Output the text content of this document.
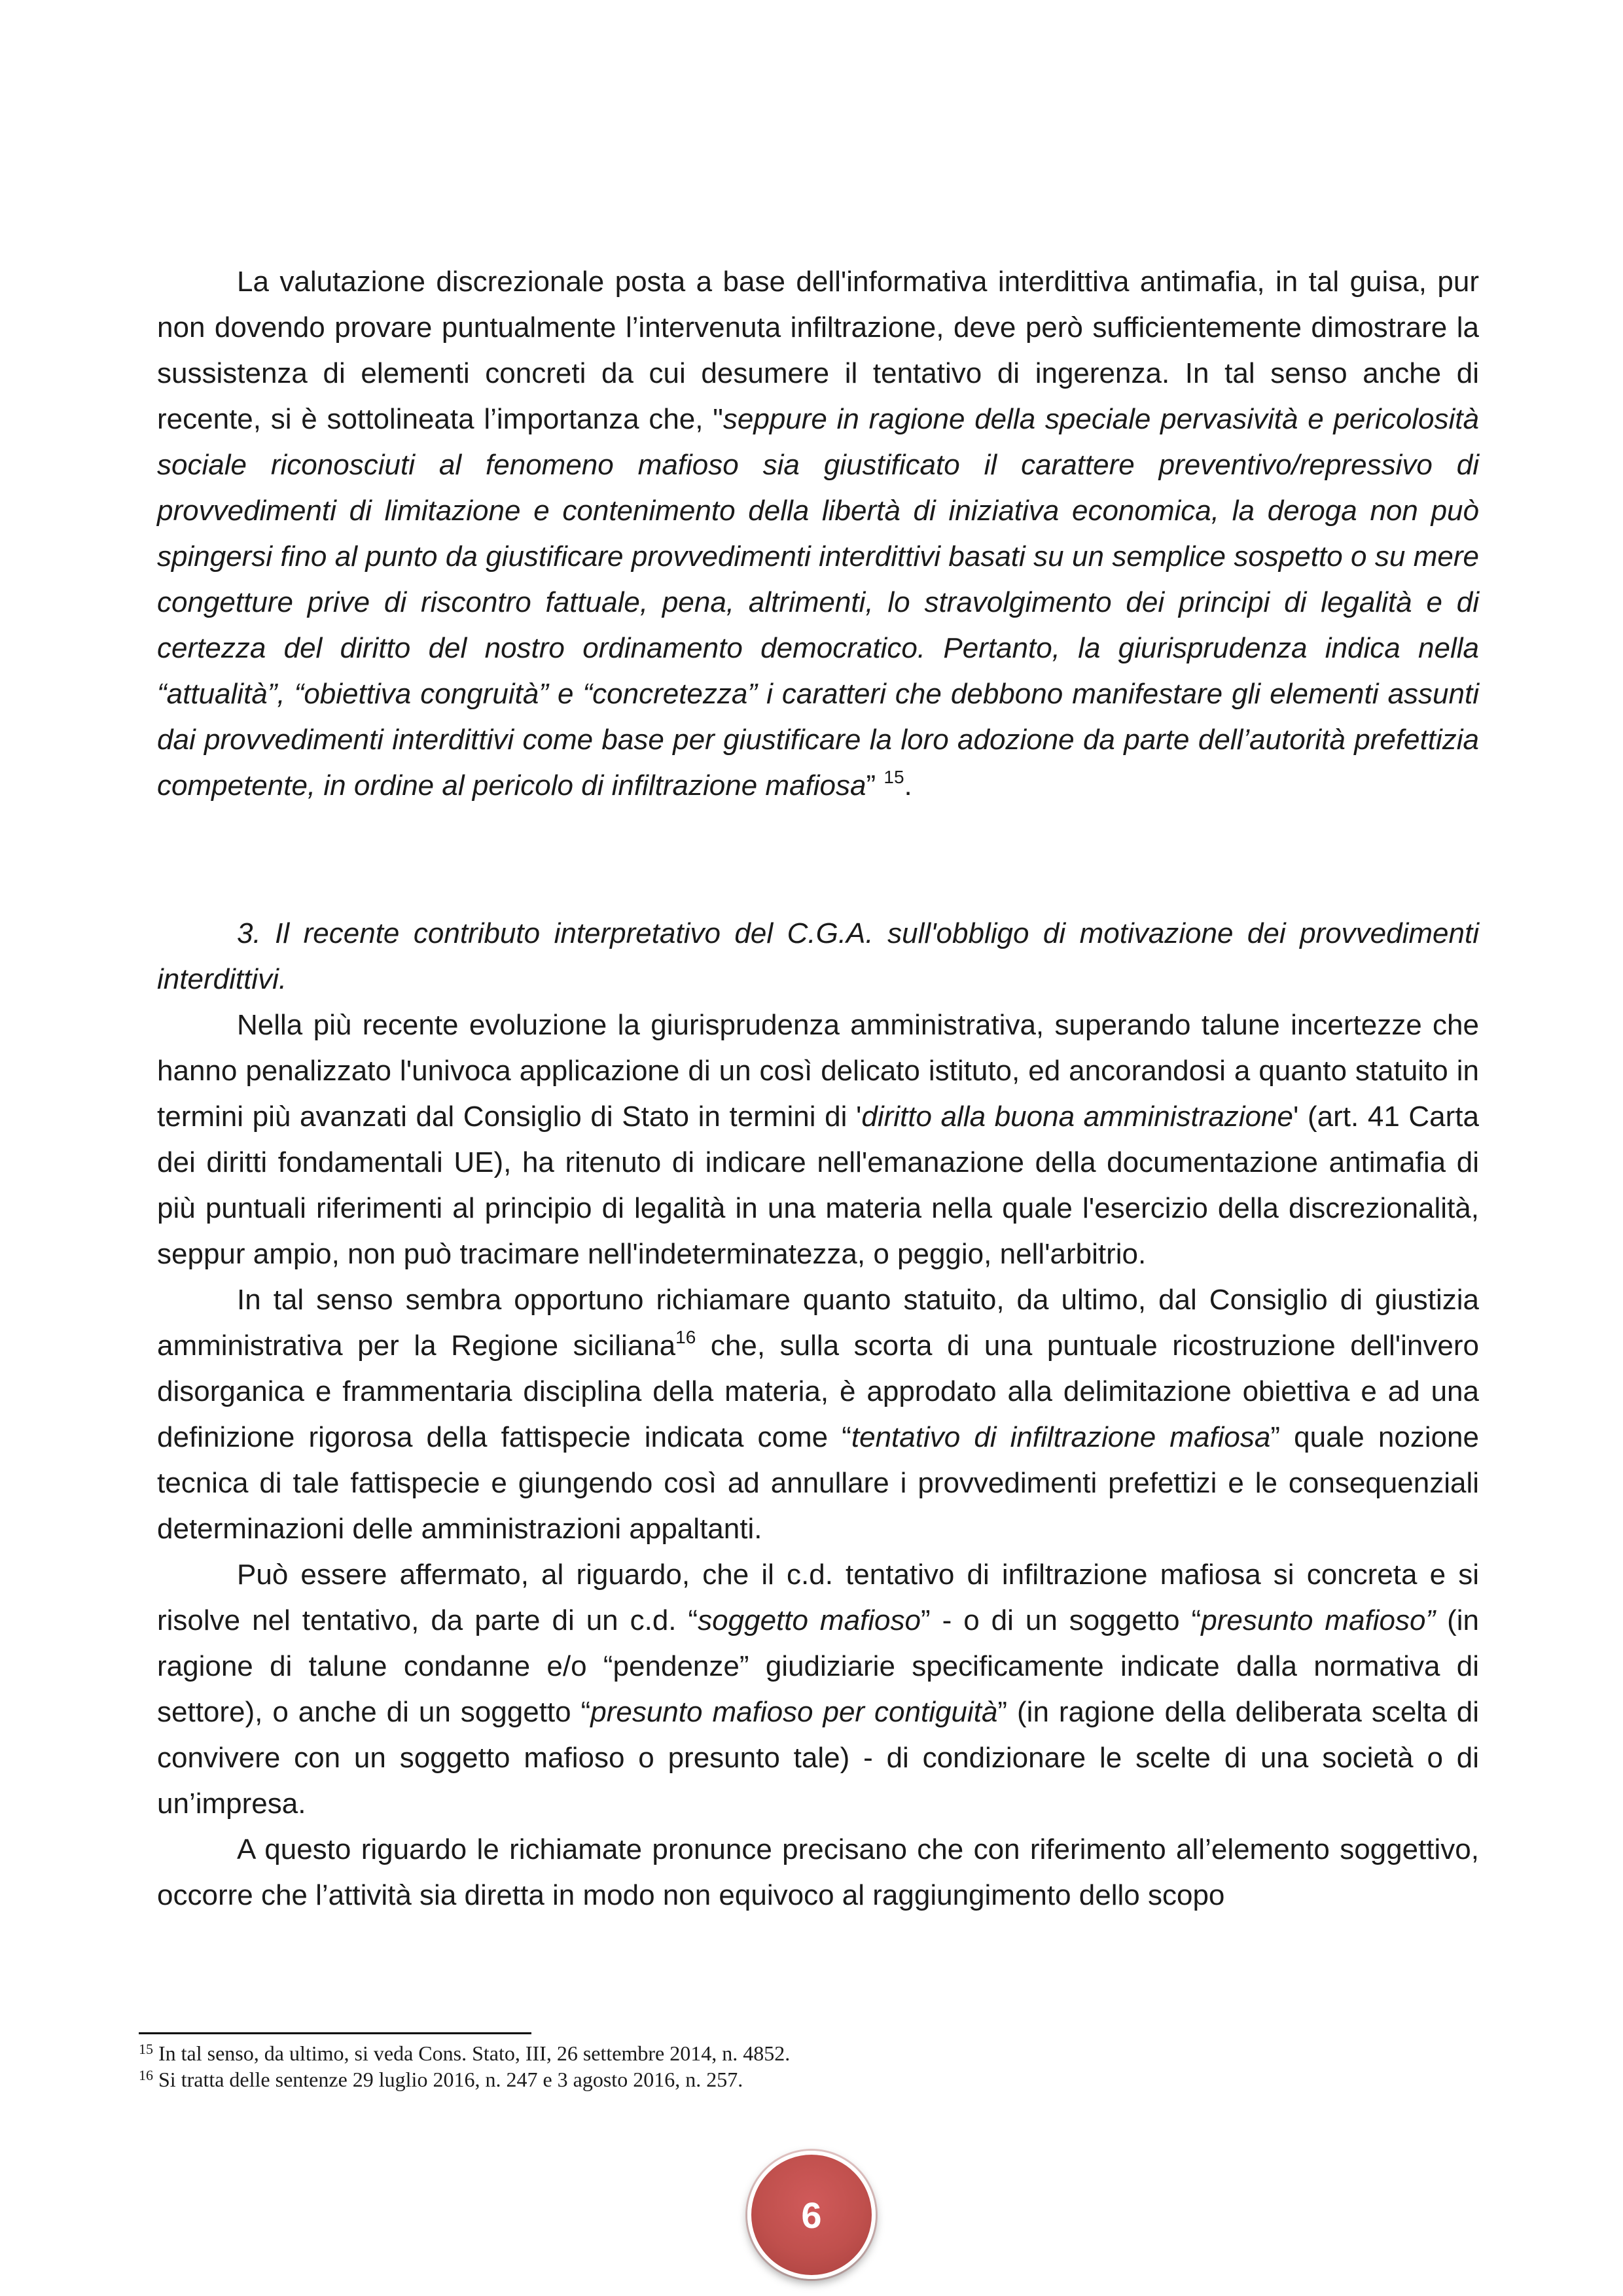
La valutazione discrezionale posta a base dell'informativa interdittiva antimafia, in tal guisa, pur non dovendo provare puntualmente l’intervenuta infiltrazione, deve però sufficientemente dimostrare la sussistenza di elementi concreti da cui desumere il tentativo di ingerenza. In tal senso anche di recente, si è sottolineata l’importanza che, "seppure in ragione della speciale pervasività e pericolosità sociale riconosciuti al fenomeno mafioso sia giustificato il carattere preventivo/repressivo di provvedimenti di limitazione e contenimento della libertà di iniziativa economica, la deroga non può spingersi fino al punto da giustificare provvedimenti interdittivi basati su un semplice sospetto o su mere congetture prive di riscontro fattuale, pena, altrimenti, lo stravolgimento dei principi di legalità e di certezza del diritto del nostro ordinamento democratico. Pertanto, la giurisprudenza indica nella “attualità”, “obiettiva congruità” e “concretezza” i caratteri che debbono manifestare gli elementi assunti dai provvedimenti interdittivi come base per giustificare la loro adozione da parte dell’autorità prefettizia competente, in ordine al pericolo di infiltrazione mafiosa” $^{15}$.

3. Il recente contributo interpretativo del C.G.A. sull'obbligo di motivazione dei provvedimenti interdittivi.

Nella più recente evoluzione la giurisprudenza amministrativa, superando talune incertezze che hanno penalizzato l'univoca applicazione di un così delicato istituto, ed ancorandosi a quanto statuito in termini più avanzati dal Consiglio di Stato in termini di 'diritto alla buona amministrazione' (art. 41 Carta dei diritti fondamentali UE), ha ritenuto di indicare nell'emanazione della documentazione antimafia di più puntuali riferimenti al principio di legalità in una materia nella quale l'esercizio della discrezionalità, seppur ampio, non può tracimare nell'indeterminatezza, o peggio, nell'arbitrio.

In tal senso sembra opportuno richiamare quanto statuito, da ultimo, dal Consiglio di giustizia amministrativa per la Regione siciliana$^{16}$ che, sulla scorta di una puntuale ricostruzione dell'invero disorganica e frammentaria disciplina della materia, è approdato alla delimitazione obiettiva e ad una definizione rigorosa della fattispecie indicata come “tentativo di infiltrazione mafiosa” quale nozione tecnica di tale fattispecie e giungendo così ad annullare i provvedimenti prefettizi e le consequenziali determinazioni delle amministrazioni appaltanti.

Può essere affermato, al riguardo, che il c.d. tentativo di infiltrazione mafiosa si concreta e si risolve nel tentativo, da parte di un c.d. “soggetto mafioso” - o di un soggetto “presunto mafioso” (in ragione di talune condanne e/o “pendenze” giudiziarie specificamente indicate dalla normativa di settore), o anche di un soggetto “presunto mafioso per contiguità” (in ragione della deliberata scelta di convivere con un soggetto mafioso o presunto tale) - di condizionare le scelte di una società o di un’impresa.

A questo riguardo le richiamate pronunce precisano che con riferimento all’elemento soggettivo, occorre che l’attività sia diretta in modo non equivoco al raggiungimento dello scopo

$^{15}$ In tal senso, da ultimo, si veda Cons. Stato, III, 26 settembre 2014, n. 4852.

$^{16}$ Si tratta delle sentenze 29 luglio 2016, n. 247 e 3 agosto 2016, n. 257.

6
